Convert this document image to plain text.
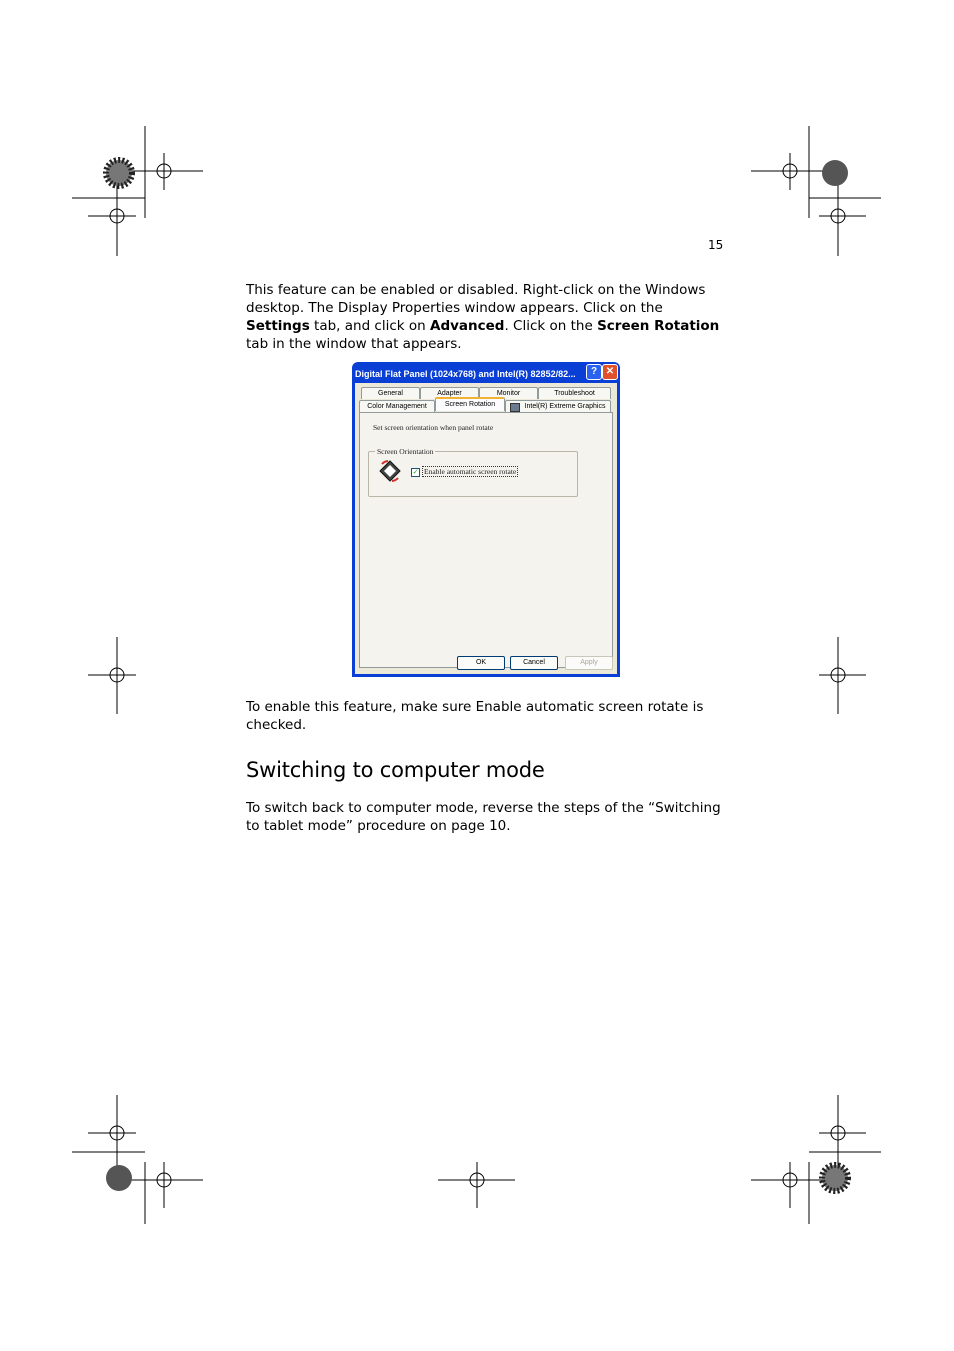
15
This feature can be enabled or disabled. Right-click on the Windows desktop. The Display Properties window appears. Click on the Settings tab, and click on Advanced. Click on the Screen Rotation tab in the window that appears.
Digital Flat Panel (1024x768) and Intel(R) 82852/82...	? ✕
General	Adapter	Monitor	Troubleshoot
Color Management	Screen Rotation	Intel(R) Extreme Graphics
Set screen orientation when panel rotate
Screen Orientation
✓ Enable automatic screen rotate
OK	Cancel	Apply
To enable this feature, make sure Enable automatic screen rotate is checked.
Switching to computer mode
To switch back to computer mode, reverse the steps of the “Switching to tablet mode” procedure on page 10.
